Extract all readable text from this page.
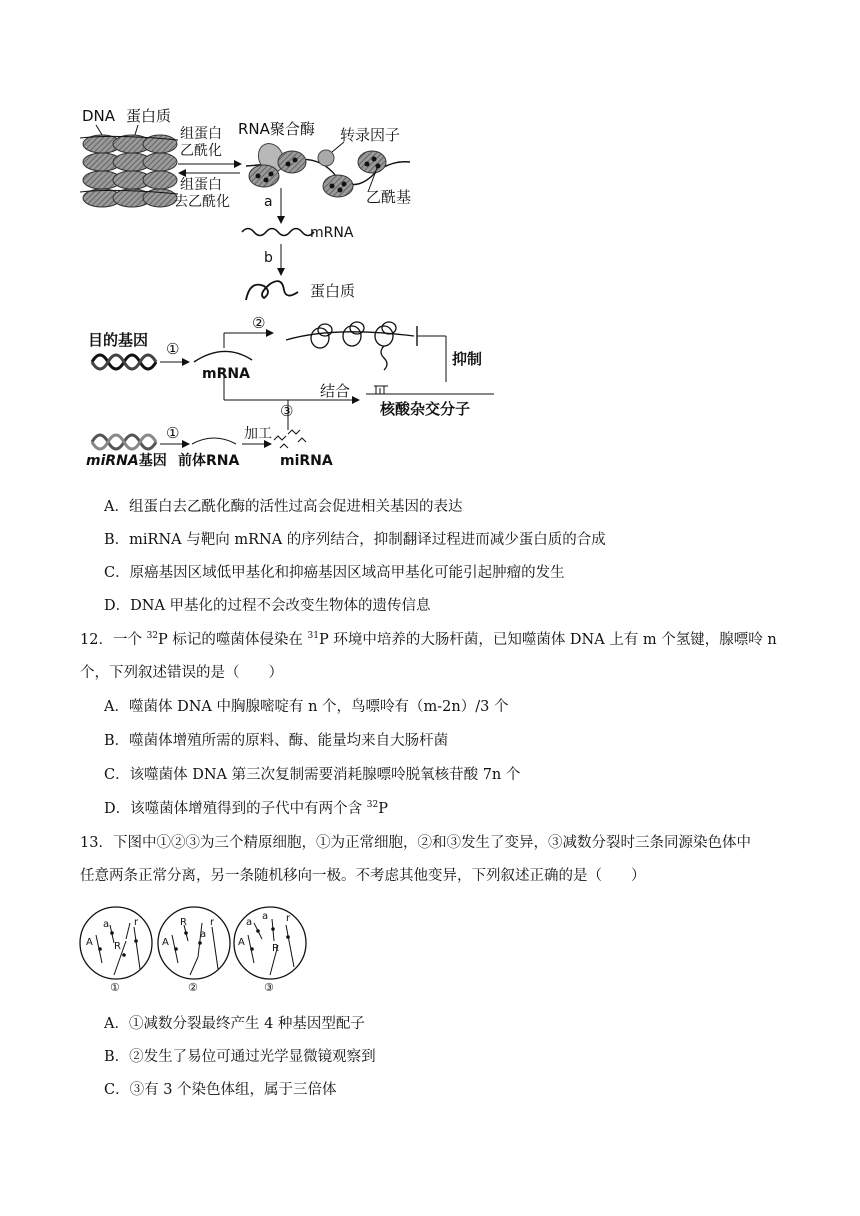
DNA 蛋白质
组蛋白
乙酰化
组蛋白
去乙酰化
RNA聚合酶 转录因子
乙酰基
a
mRNA
b
蛋白质
目的基因 ①
mRNA
②
抑制
结合
③	核酸杂交分子
①
miRNA基因 前体RNA
加工
miRNA
A．组蛋白去乙酰化酶的活性过高会促进相关基因的表达
B．miRNA 与靶向 mRNA 的序列结合，抑制翻译过程进而减少蛋白质的合成
C．原癌基因区域低甲基化和抑癌基因区域高甲基化可能引起肿瘤的发生
D．DNA 甲基化的过程不会改变生物体的遗传信息
12．一个 $^{32}$P 标记的噬菌体侵染在 $^{31}$P 环境中培养的大肠杆菌，已知噬菌体 DNA 上有 m 个氢键，腺嘌呤 n
个，下列叙述错误的是（　　）
A．噬菌体 DNA 中胸腺嘧啶有 n 个，鸟嘌呤有（m-2n）/3 个
B．噬菌体增殖所需的原料、酶、能量均来自大肠杆菌
C．该噬菌体 DNA 第三次复制需要消耗腺嘌呤脱氧核苷酸 7n 个
D．该噬菌体增殖得到的子代中有两个含 $^{32}$P
13．下图中①②③为三个精原细胞，①为正常细胞，②和③发生了变异，③减数分裂时三条同源染色体中
任意两条正常分离，另一条随机移向一极。不考虑其他变异，下列叙述正确的是（　　）
a r
R
A
①
R r
a
A
②
a
a r
R
A
③
A．①减数分裂最终产生 4 种基因型配子
B．②发生了易位可通过光学显微镜观察到
C．③有 3 个染色体组，属于三倍体
